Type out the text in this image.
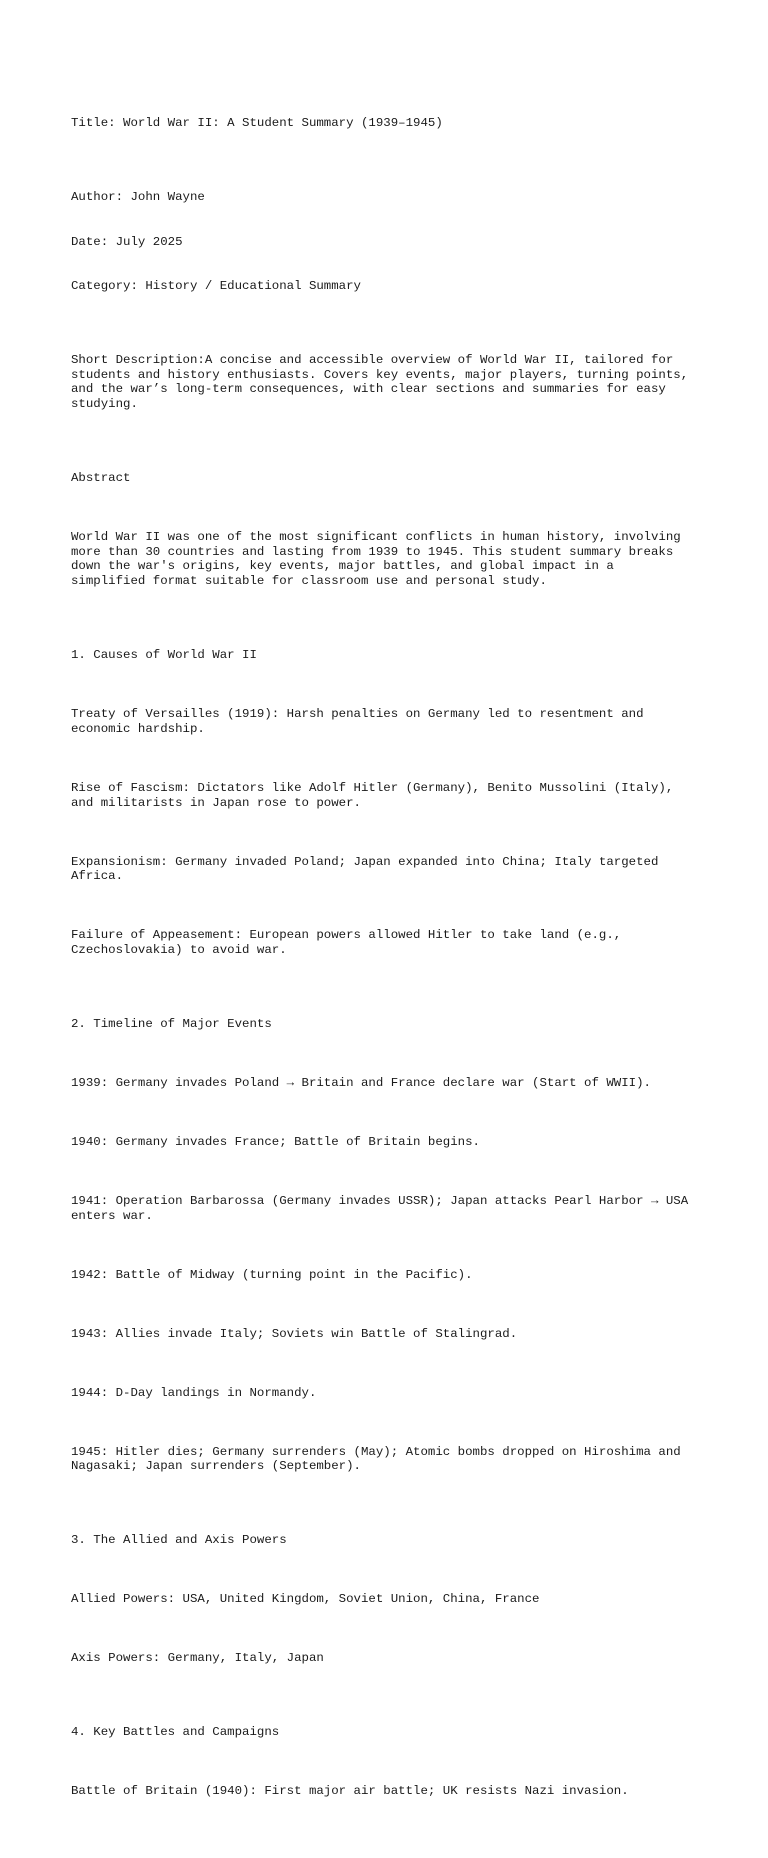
Title: World War II: A Student Summary (1939–1945)

Author: John Wayne

Date: July 2025

Category: History / Educational Summary

Short Description:A concise and accessible overview of World War II, tailored for
students and history enthusiasts. Covers key events, major players, turning points,
and the war’s long-term consequences, with clear sections and summaries for easy
studying.

Abstract

World War II was one of the most significant conflicts in human history, involving
more than 30 countries and lasting from 1939 to 1945. This student summary breaks
down the war's origins, key events, major battles, and global impact in a
simplified format suitable for classroom use and personal study.

1. Causes of World War II

Treaty of Versailles (1919): Harsh penalties on Germany led to resentment and
economic hardship.

Rise of Fascism: Dictators like Adolf Hitler (Germany), Benito Mussolini (Italy),
and militarists in Japan rose to power.

Expansionism: Germany invaded Poland; Japan expanded into China; Italy targeted
Africa.

Failure of Appeasement: European powers allowed Hitler to take land (e.g.,
Czechoslovakia) to avoid war.

2. Timeline of Major Events

1939: Germany invades Poland → Britain and France declare war (Start of WWII).

1940: Germany invades France; Battle of Britain begins.

1941: Operation Barbarossa (Germany invades USSR); Japan attacks Pearl Harbor → USA
enters war.

1942: Battle of Midway (turning point in the Pacific).

1943: Allies invade Italy; Soviets win Battle of Stalingrad.

1944: D-Day landings in Normandy.

1945: Hitler dies; Germany surrenders (May); Atomic bombs dropped on Hiroshima and
Nagasaki; Japan surrenders (September).

3. The Allied and Axis Powers

Allied Powers: USA, United Kingdom, Soviet Union, China, France

Axis Powers: Germany, Italy, Japan

4. Key Battles and Campaigns

Battle of Britain (1940): First major air battle; UK resists Nazi invasion.
